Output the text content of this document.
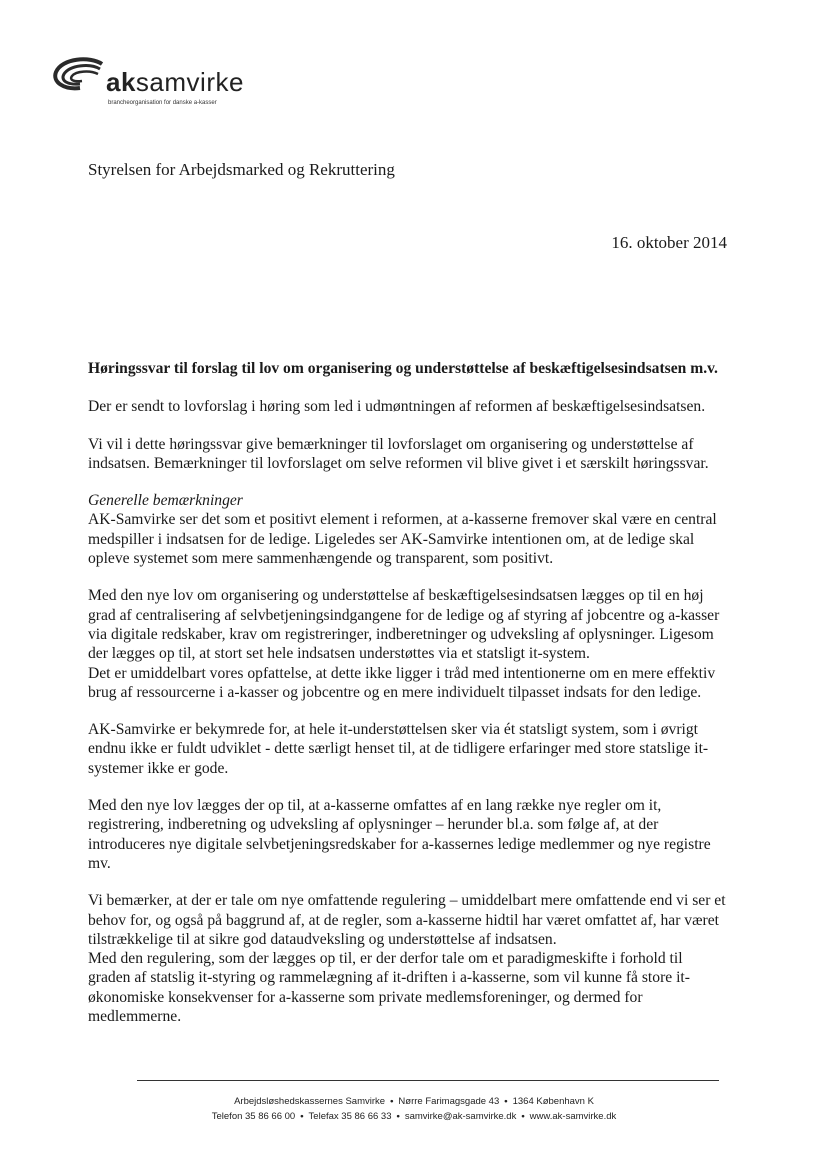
aksamvirke
brancheorganisation for danske a-kasser
Styrelsen for Arbejdsmarked og Rekruttering
16. oktober 2014

Høringssvar til forslag til lov om organisering og understøttelse af beskæftigelsesindsatsen m.v.

Der er sendt to lovforslag i høring som led i udmøntningen af reformen af beskæftigelsesindsatsen.

Vi vil i dette høringssvar give bemærkninger til lovforslaget om organisering og understøttelse af indsatsen. Bemærkninger til lovforslaget om selve reformen vil blive givet i et særskilt høringssvar.

Generelle bemærkninger

AK-Samvirke ser det som et positivt element i reformen, at a-kasserne fremover skal være en central medspiller i indsatsen for de ledige. Ligeledes ser AK-Samvirke intentionen om, at de ledige skal opleve systemet som mere sammenhængende og transparent, som positivt.

Med den nye lov om organisering og understøttelse af beskæftigelsesindsatsen lægges op til en høj grad af centralisering af selvbetjeningsindgangene for de ledige og af styring af jobcentre og a-kasser via digitale redskaber, krav om registreringer, indberetninger og udveksling af oplysninger. Ligesom der lægges op til, at stort set hele indsatsen understøttes via et statsligt it-system.

Det er umiddelbart vores opfattelse, at dette ikke ligger i tråd med intentionerne om en mere effektiv brug af ressourcerne i a-kasser og jobcentre og en mere individuelt tilpasset indsats for den ledige.

AK-Samvirke er bekymrede for, at hele it-understøttelsen sker via ét statsligt system, som i øvrigt endnu ikke er fuldt udviklet - dette særligt henset til, at de tidligere erfaringer med store statslige it-systemer ikke er gode.

Med den nye lov lægges der op til, at a-kasserne omfattes af en lang række nye regler om it, registrering, indberetning og udveksling af oplysninger – herunder bl.a. som følge af, at der introduceres nye digitale selvbetjeningsredskaber for a-kassernes ledige medlemmer og nye registre mv.

Vi bemærker, at der er tale om nye omfattende regulering – umiddelbart mere omfattende end vi ser et behov for, og også på baggrund af, at de regler, som a-kasserne hidtil har været omfattet af, har været tilstrækkelige til at sikre god dataudveksling og understøttelse af indsatsen.

Med den regulering, som der lægges op til, er der derfor tale om et paradigmeskifte i forhold til graden af statslig it-styring og rammelægning af it-driften i a-kasserne, som vil kunne få store it-økonomiske konsekvenser for a-kasserne som private medlemsforeninger, og dermed for medlemmerne.

Arbejdsløshedskassernes Samvirke • Nørre Farimagsgade 43 • 1364 København K
Telefon 35 86 66 00 • Telefax 35 86 66 33 • samvirke@ak-samvirke.dk • www.ak-samvirke.dk
